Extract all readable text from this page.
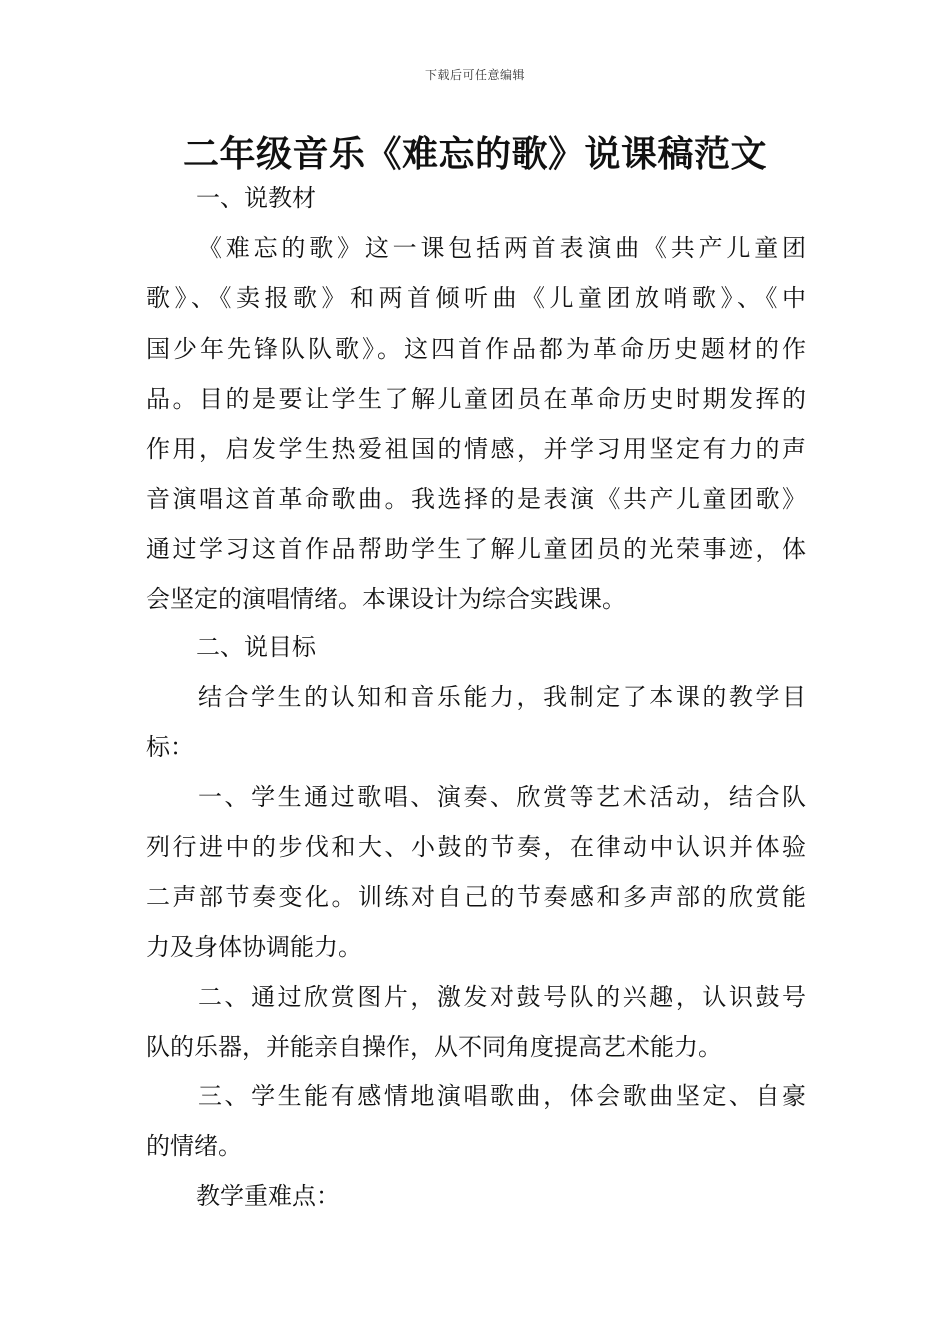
下载后可任意编辑
二年级音乐《难忘的歌》说课稿范文
一、说教材
《难忘的歌》这一课包括两首表演曲《共产儿童团
歌》、《卖报歌》和两首倾听曲《儿童团放哨歌》、《中
国少年先锋队队歌》。这四首作品都为革命历史题材的作
品。目的是要让学生了解儿童团员在革命历史时期发挥的
作用，启发学生热爱祖国的情感，并学习用坚定有力的声
音演唱这首革命歌曲。我选择的是表演《共产儿童团歌》
通过学习这首作品帮助学生了解儿童团员的光荣事迹，体
会坚定的演唱情绪。本课设计为综合实践课。
二、说目标
结合学生的认知和音乐能力，我制定了本课的教学目
标：
一、学生通过歌唱、演奏、欣赏等艺术活动，结合队
列行进中的步伐和大、小鼓的节奏，在律动中认识并体验
二声部节奏变化。训练对自己的节奏感和多声部的欣赏能
力及身体协调能力。
二、通过欣赏图片，激发对鼓号队的兴趣，认识鼓号
队的乐器，并能亲自操作，从不同角度提高艺术能力。
三、学生能有感情地演唱歌曲，体会歌曲坚定、自豪
的情绪。
教学重难点：
